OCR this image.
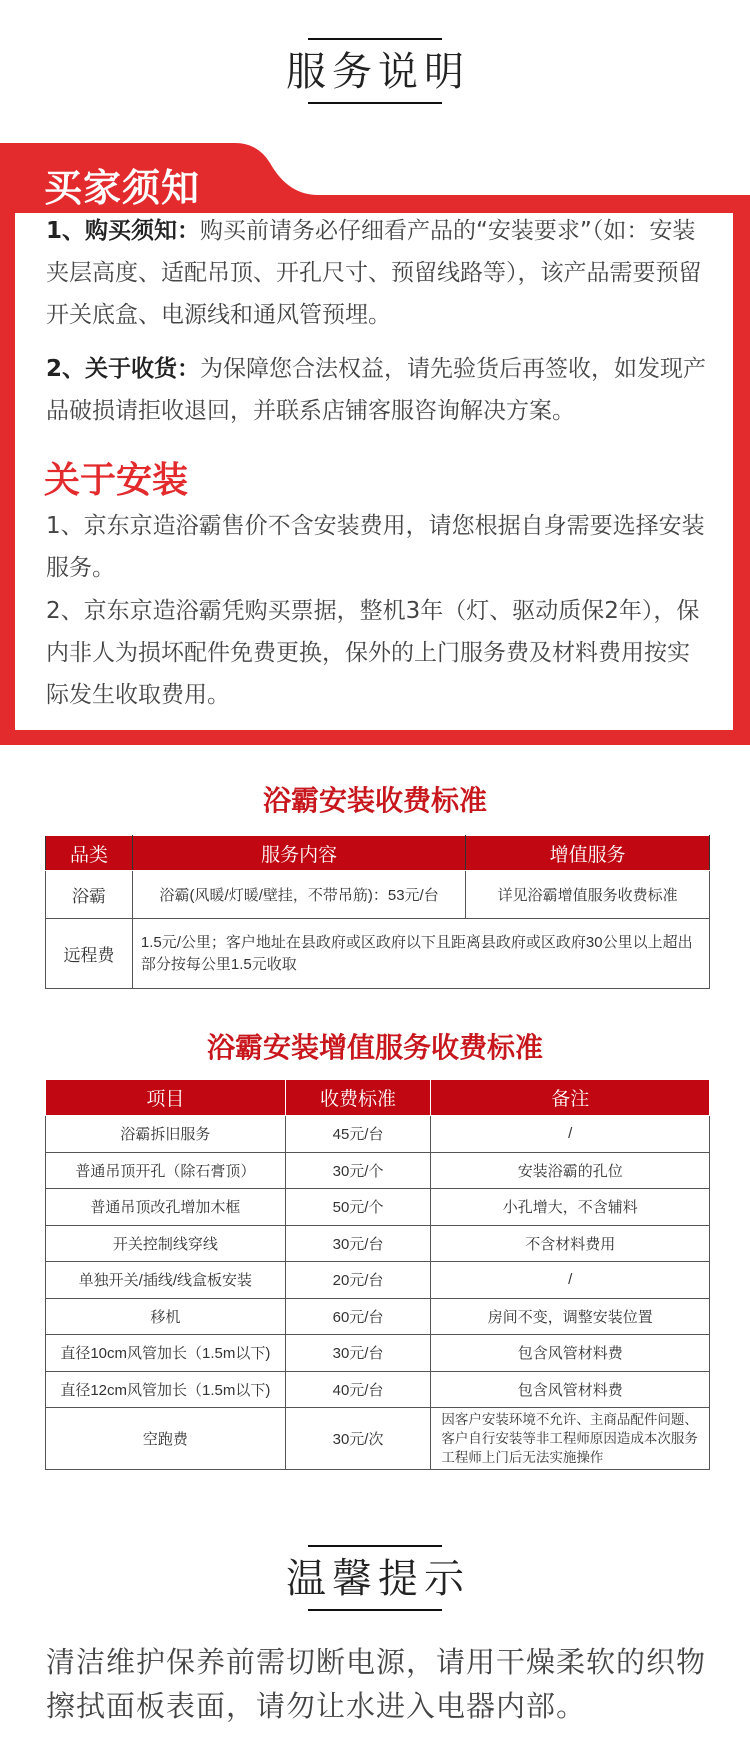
服务说明
买家须知
1、购买须知：购买前请务必仔细看产品的“安装要求”（如：安装夹层高度、适配吊顶、开孔尺寸、预留线路等），该产品需要预留开关底盒、电源线和通风管预埋。
2、关于收货：为保障您合法权益，请先验货后再签收，如发现产品破损请拒收退回，并联系店铺客服咨询解决方案。
关于安装
1、京东京造浴霸售价不含安装费用，请您根据自身需要选择安装服务。
2、京东京造浴霸凭购买票据，整机3年（灯、驱动质保2年），保内非人为损坏配件免费更换，保外的上门服务费及材料费用按实际发生收取费用。
浴霸安装收费标准
品类	服务内容	增值服务
浴霸	浴霸(风暖/灯暖/壁挂，不带吊筋)：53元/台	详见浴霸增值服务收费标准
远程费	1.5元/公里；客户地址在县政府或区政府以下且距离县政府或区政府30公里以上超出部分按每公里1.5元收取	
浴霸安装增值服务收费标准
项目	收费标准	备注
浴霸拆旧服务	45元/台	/
普通吊顶开孔（除石膏顶）	30元/个	安装浴霸的孔位
普通吊顶改孔增加木框	50元/个	小孔增大，不含辅料
开关控制线穿线	30元/台	不含材料费用
单独开关/插线/线盒板安装	20元/台	/
移机	60元/台	房间不变，调整安装位置
直径10cm风管加长（1.5m以下)	30元/台	包含风管材料费
直径12cm风管加长（1.5m以下)	40元/台	包含风管材料费
空跑费	30元/次	因客户安装环境不允许、主商品配件问题、客户自行安装等非工程师原因造成本次服务工程师上门后无法实施操作
温馨提示
清洁维护保养前需切断电源，请用干燥柔软的织物擦拭面板表面，请勿让水进入电器内部。
